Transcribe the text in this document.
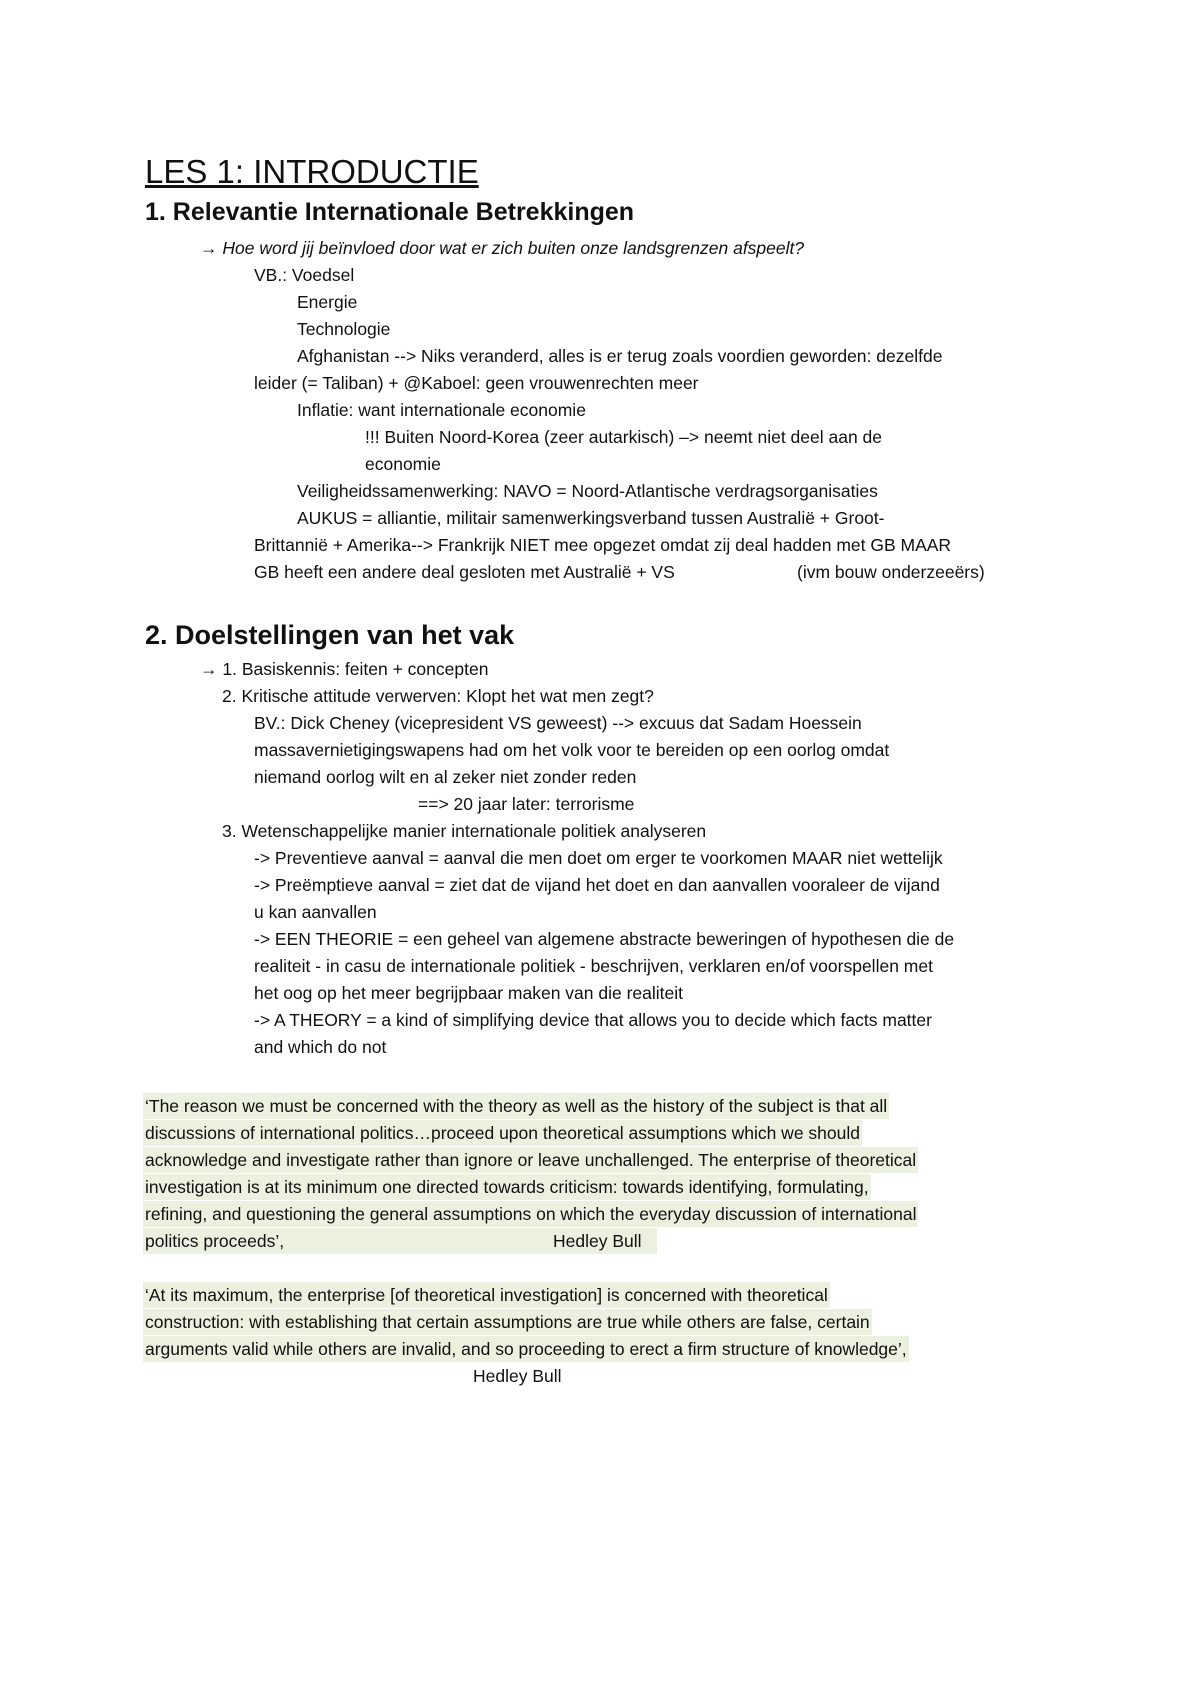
LES 1: INTRODUCTIE
1. Relevantie Internationale Betrekkingen
→ Hoe word jij beïnvloed door wat er zich buiten onze landsgrenzen afspeelt?
VB.: Voedsel
Energie
Technologie
Afghanistan --> Niks veranderd, alles is er terug zoals voordien geworden: dezelfde
leider (= Taliban) + @Kaboel: geen vrouwenrechten meer
Inflatie: want internationale economie
!!! Buiten Noord-Korea (zeer autarkisch) –> neemt niet deel aan de
economie
Veiligheidssamenwerking: NAVO = Noord-Atlantische verdragsorganisaties
AUKUS = alliantie, militair samenwerkingsverband tussen Australië + Groot-
Brittannië + Amerika--> Frankrijk NIET mee opgezet omdat zij deal hadden met GB MAAR
GB heeft een andere deal gesloten met Australië + VS	(ivm bouw onderzeeërs)
2. Doelstellingen van het vak
→ 1. Basiskennis: feiten + concepten
2. Kritische attitude verwerven: Klopt het wat men zegt?
BV.: Dick Cheney (vicepresident VS geweest) --> excuus dat Sadam Hoessein
massavernietigingswapens had om het volk voor te bereiden op een oorlog omdat
niemand oorlog wilt en al zeker niet zonder reden
==> 20 jaar later: terrorisme
3. Wetenschappelijke manier internationale politiek analyseren
-> Preventieve aanval = aanval die men doet om erger te voorkomen MAAR niet wettelijk
-> Preëmptieve aanval = ziet dat de vijand het doet en dan aanvallen vooraleer de vijand
u kan aanvallen
-> EEN THEORIE = een geheel van algemene abstracte beweringen of hypothesen die de
realiteit - in casu de internationale politiek - beschrijven, verklaren en/of voorspellen met
het oog op het meer begrijpbaar maken van die realiteit
-> A THEORY = a kind of simplifying device that allows you to decide which facts matter
and which do not
‘The reason we must be concerned with the theory as well as the history of the subject is that all
discussions of international politics…proceed upon theoretical assumptions which we should
acknowledge and investigate rather than ignore or leave unchallenged. The enterprise of theoretical
investigation is at its minimum one directed towards criticism: towards identifying, formulating,
refining, and questioning the general assumptions on which the everyday discussion of international
politics proceeds’,	Hedley Bull
‘At its maximum, the enterprise [of theoretical investigation] is concerned with theoretical
construction: with establishing that certain assumptions are true while others are false, certain
arguments valid while others are invalid, and so proceeding to erect a firm structure of knowledge’,
Hedley Bull
